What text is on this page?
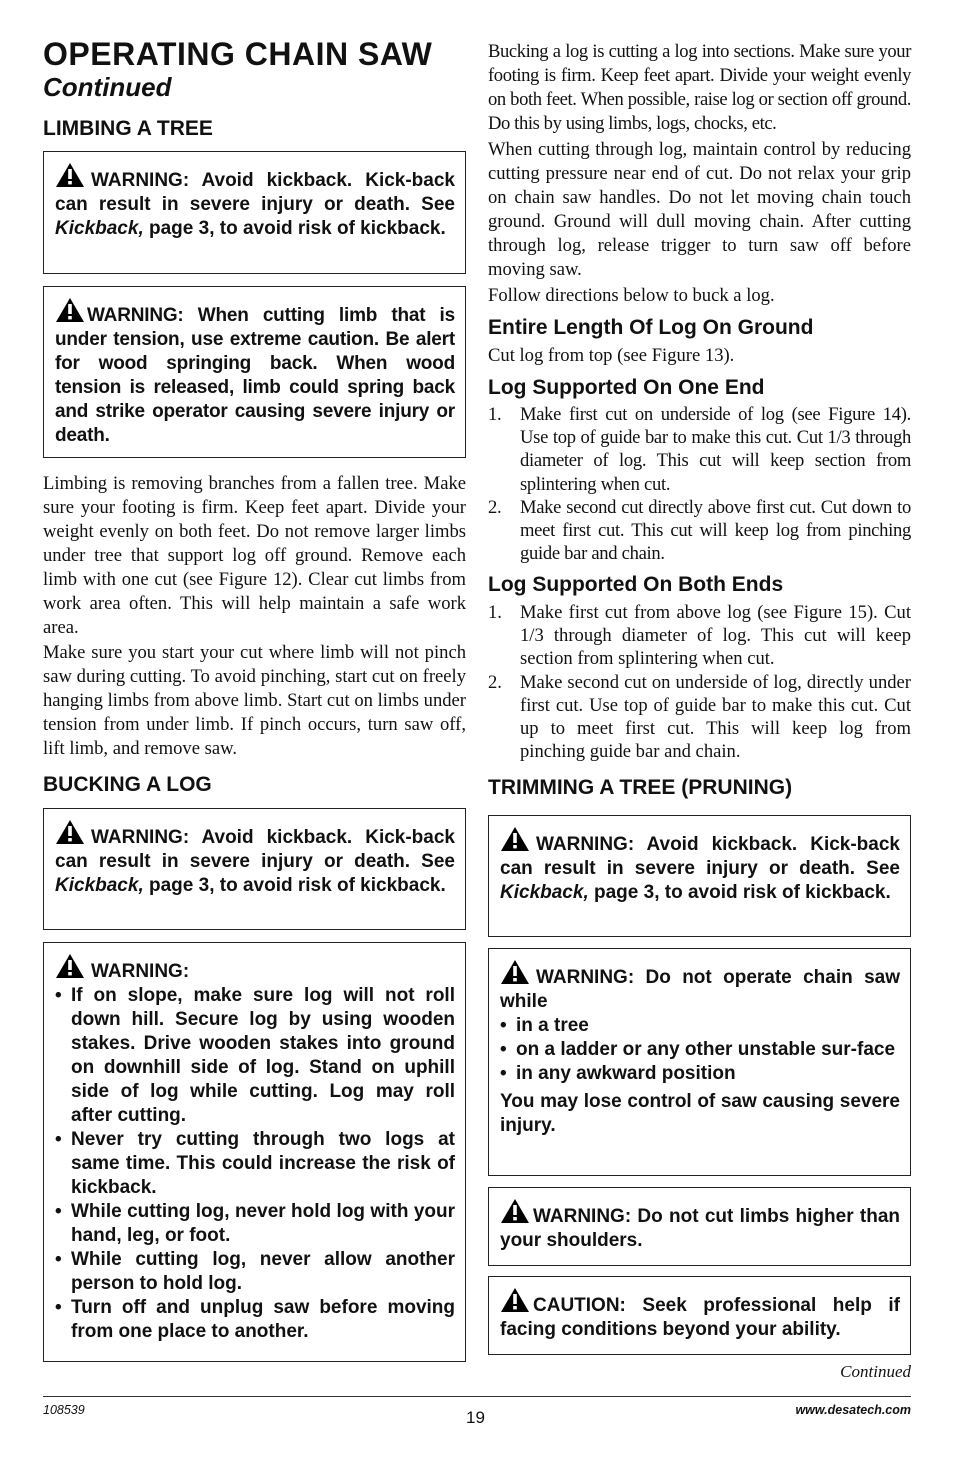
OPERATING CHAIN SAW
Continued
LIMBING A TREE
WARNING: Avoid kickback. Kick-back can result in severe injury or death. See Kickback, page 3, to avoid risk of kickback.
WARNING: When cutting limb that is under tension, use extreme caution. Be alert for wood springing back. When wood tension is released, limb could spring back and strike operator causing severe injury or death.
Limbing is removing branches from a fallen tree. Make sure your footing is firm. Keep feet apart. Divide your weight evenly on both feet. Do not remove larger limbs under tree that support log off ground. Remove each limb with one cut (see Figure 12). Clear cut limbs from work area often. This will help maintain a safe work area.
Make sure you start your cut where limb will not pinch saw during cutting. To avoid pinching, start cut on freely hanging limbs from above limb. Start cut on limbs under tension from under limb. If pinch occurs, turn saw off, lift limb, and remove saw.
BUCKING A LOG
WARNING: Avoid kickback. Kick-back can result in severe injury or death. See Kickback, page 3, to avoid risk of kickback.
WARNING:
• If on slope, make sure log will not roll down hill. Secure log by using wooden stakes. Drive wooden stakes into ground on downhill side of log. Stand on uphill side of log while cutting. Log may roll after cutting.
• Never try cutting through two logs at same time. This could increase the risk of kickback.
• While cutting log, never hold log with your hand, leg, or foot.
• While cutting log, never allow another person to hold log.
• Turn off and unplug saw before moving from one place to another.
Bucking a log is cutting a log into sections. Make sure your footing is firm. Keep feet apart. Divide your weight evenly on both feet. When possible, raise log or section off ground. Do this by using limbs, logs, chocks, etc.
When cutting through log, maintain control by reducing cutting pressure near end of cut. Do not relax your grip on chain saw handles. Do not let moving chain touch ground. Ground will dull moving chain. After cutting through log, release trigger to turn saw off before moving saw.
Follow directions below to buck a log.
Entire Length Of Log On Ground
Cut log from top (see Figure 13).
Log Supported On One End
1. Make first cut on underside of log (see Figure 14). Use top of guide bar to make this cut. Cut 1/3 through diameter of log. This cut will keep section from splintering when cut.
2. Make second cut directly above first cut. Cut down to meet first cut. This cut will keep log from pinching guide bar and chain.
Log Supported On Both Ends
1. Make first cut from above log (see Figure 15). Cut 1/3 through diameter of log. This cut will keep section from splintering when cut.
2. Make second cut on underside of log, directly under first cut. Use top of guide bar to make this cut. Cut up to meet first cut. This will keep log from pinching guide bar and chain.
TRIMMING A TREE (PRUNING)
WARNING: Avoid kickback. Kick-back can result in severe injury or death. See Kickback, page 3, to avoid risk of kickback.
WARNING: Do not operate chain saw while
• in a tree
• on a ladder or any other unstable sur-face
• in any awkward position
You may lose control of saw causing severe injury.
WARNING: Do not cut limbs higher than your shoulders.
CAUTION: Seek professional help if facing conditions beyond your ability.
Continued
108539	19	www.desatech.com
